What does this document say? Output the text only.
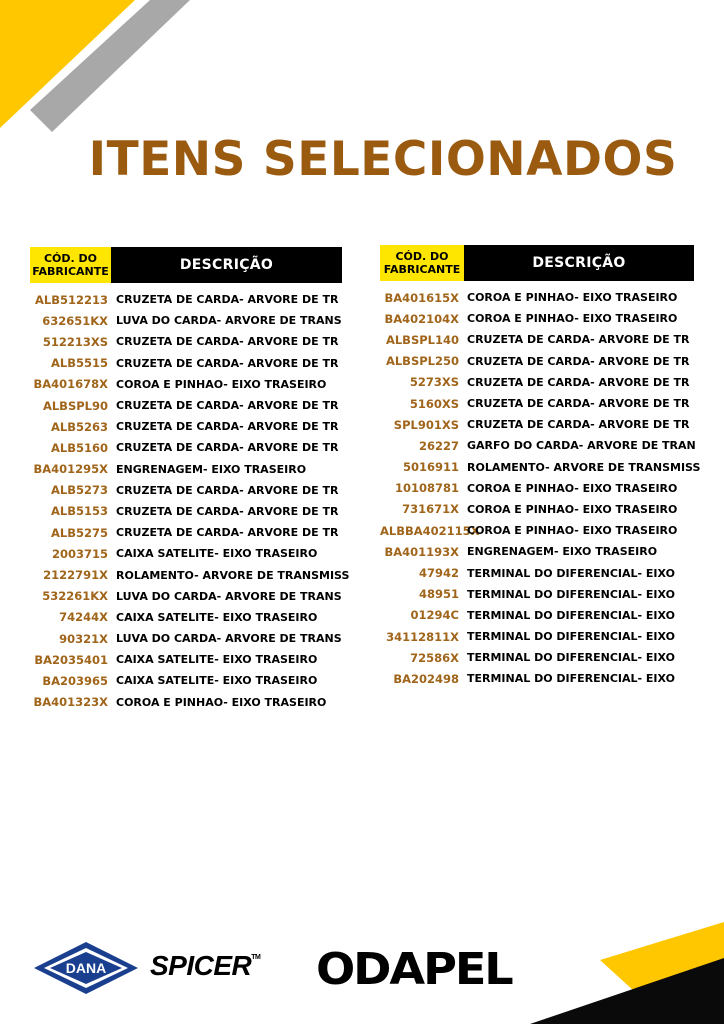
ITENS SELECIONADOS
CÓD. DO
FABRICANTE	DESCRIÇÃO
ALB512213 CRUZETA DE CARDA- ARVORE DE TR
632651KX LUVA DO CARDA- ARVORE DE TRANS
512213XS CRUZETA DE CARDA- ARVORE DE TR
ALB5515 CRUZETA DE CARDA- ARVORE DE TR
BA401678X COROA E PINHAO- EIXO TRASEIRO
ALBSPL90 CRUZETA DE CARDA- ARVORE DE TR
ALB5263 CRUZETA DE CARDA- ARVORE DE TR
ALB5160 CRUZETA DE CARDA- ARVORE DE TR
BA401295X ENGRENAGEM- EIXO TRASEIRO
ALB5273 CRUZETA DE CARDA- ARVORE DE TR
ALB5153 CRUZETA DE CARDA- ARVORE DE TR
ALB5275 CRUZETA DE CARDA- ARVORE DE TR
2003715 CAIXA SATELITE- EIXO TRASEIRO
2122791X ROLAMENTO- ARVORE DE TRANSMISS
532261KX LUVA DO CARDA- ARVORE DE TRANS
74244X CAIXA SATELITE- EIXO TRASEIRO
90321X LUVA DO CARDA- ARVORE DE TRANS
BA2035401 CAIXA SATELITE- EIXO TRASEIRO
BA203965 CAIXA SATELITE- EIXO TRASEIRO
BA401323X COROA E PINHAO- EIXO TRASEIRO
CÓD. DO
FABRICANTE	DESCRIÇÃO
BA401615X COROA E PINHAO- EIXO TRASEIRO
BA402104X COROA E PINHAO- EIXO TRASEIRO
ALBSPL140 CRUZETA DE CARDA- ARVORE DE TR
ALBSPL250 CRUZETA DE CARDA- ARVORE DE TR
5273XS CRUZETA DE CARDA- ARVORE DE TR
5160XS CRUZETA DE CARDA- ARVORE DE TR
SPL901XS CRUZETA DE CARDA- ARVORE DE TR
26227 GARFO DO CARDA- ARVORE DE TRAN
5016911 ROLAMENTO- ARVORE DE TRANSMISS
10108781 COROA E PINHAO- EIXO TRASEIRO
731671X COROA E PINHAO- EIXO TRASEIRO
ALBBA402115X
COROA E PINHAO- EIXO TRASEIRO
BA401193X ENGRENAGEM- EIXO TRASEIRO
47942 TERMINAL DO DIFERENCIAL- EIXO
48951 TERMINAL DO DIFERENCIAL- EIXO
01294C TERMINAL DO DIFERENCIAL- EIXO
34112811X TERMINAL DO DIFERENCIAL- EIXO
72586X TERMINAL DO DIFERENCIAL- EIXO
BA202498 TERMINAL DO DIFERENCIAL- EIXO
DANA SPICER™ ODAPEL
